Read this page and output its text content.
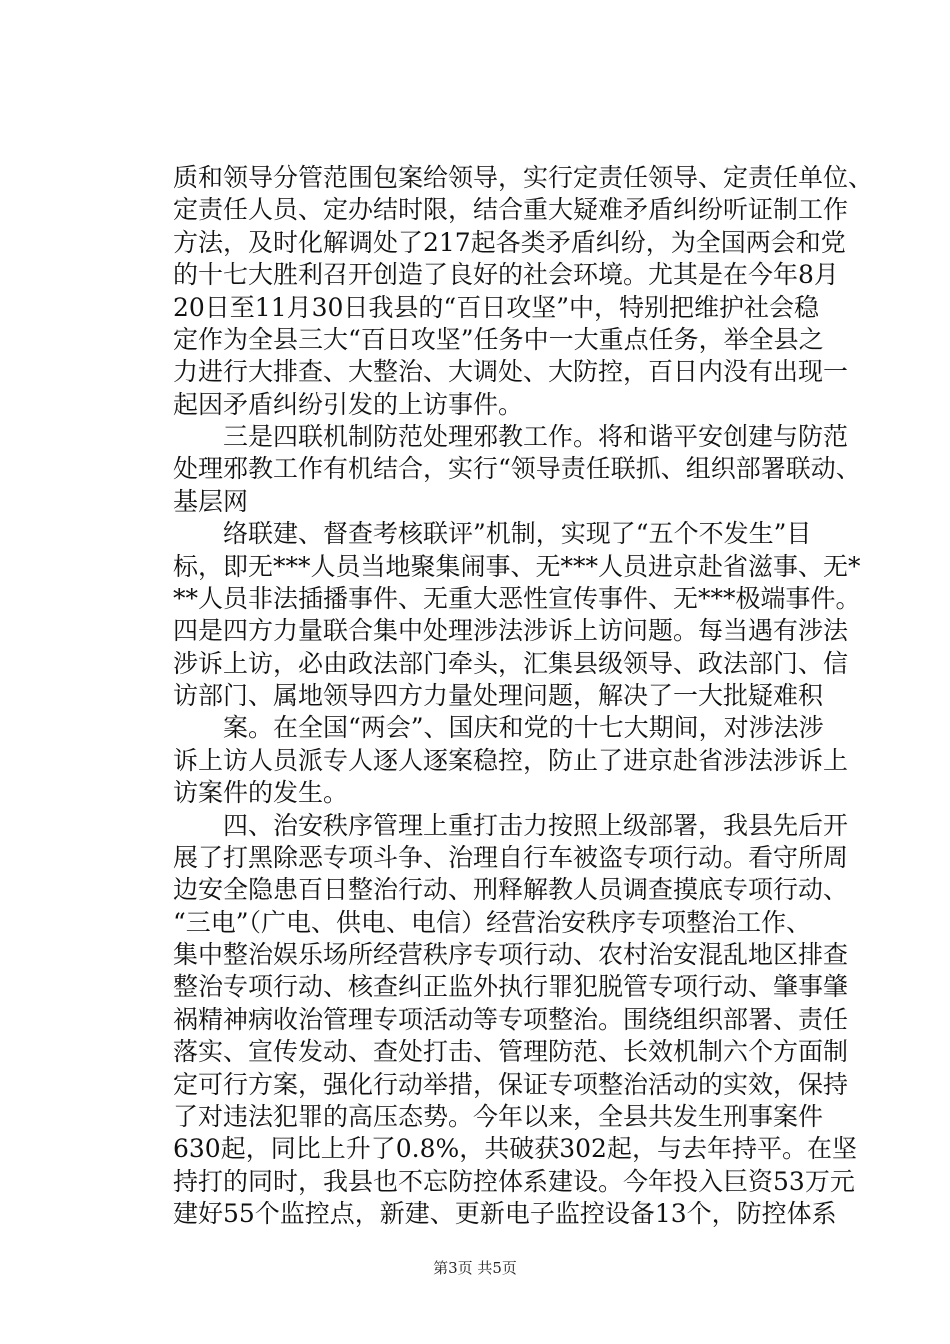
质和领导分管范围包案给领导，实行定责任领导、定责任单位、
定责任人员、定办结时限，结合重大疑难矛盾纠纷听证制工作
方法，及时化解调处了217起各类矛盾纠纷，为全国两会和党
的十七大胜利召开创造了良好的社会环境。尤其是在今年8月
20日至11月30日我县的“百日攻坚”中，特别把维护社会稳
定作为全县三大“百日攻坚”任务中一大重点任务，举全县之
力进行大排查、大整治、大调处、大防控，百日内没有出现一
起因矛盾纠纷引发的上访事件。
三是四联机制防范处理邪教工作。将和谐平安创建与防范
处理邪教工作有机结合，实行“领导责任联抓、组织部署联动、
基层网
络联建、督查考核联评”机制，实现了“五个不发生”目
标，即无***人员当地聚集闹事、无***人员进京赴省滋事、无*
**人员非法插播事件、无重大恶性宣传事件、无***极端事件。
四是四方力量联合集中处理涉法涉诉上访问题。每当遇有涉法
涉诉上访，必由政法部门牵头，汇集县级领导、政法部门、信
访部门、属地领导四方力量处理问题，解决了一大批疑难积
案。在全国“两会”、国庆和党的十七大期间，对涉法涉
诉上访人员派专人逐人逐案稳控，防止了进京赴省涉法涉诉上
访案件的发生。
四、治安秩序管理上重打击力按照上级部署，我县先后开
展了打黑除恶专项斗争、治理自行车被盗专项行动。看守所周
边安全隐患百日整治行动、刑释解教人员调查摸底专项行动、
“三电”（广电、供电、电信）经营治安秩序专项整治工作、
集中整治娱乐场所经营秩序专项行动、农村治安混乱地区排查
整治专项行动、核查纠正监外执行罪犯脱管专项行动、肇事肇
祸精神病收治管理专项活动等专项整治。围绕组织部署、责任
落实、宣传发动、查处打击、管理防范、长效机制六个方面制
定可行方案，强化行动举措，保证专项整治活动的实效，保持
了对违法犯罪的高压态势。今年以来，全县共发生刑事案件
630起，同比上升了0.8%，共破获302起，与去年持平。在坚
持打的同时，我县也不忘防控体系建设。今年投入巨资53万元
建好55个监控点，新建、更新电子监控设备13个，防控体系
第3页 共5页
